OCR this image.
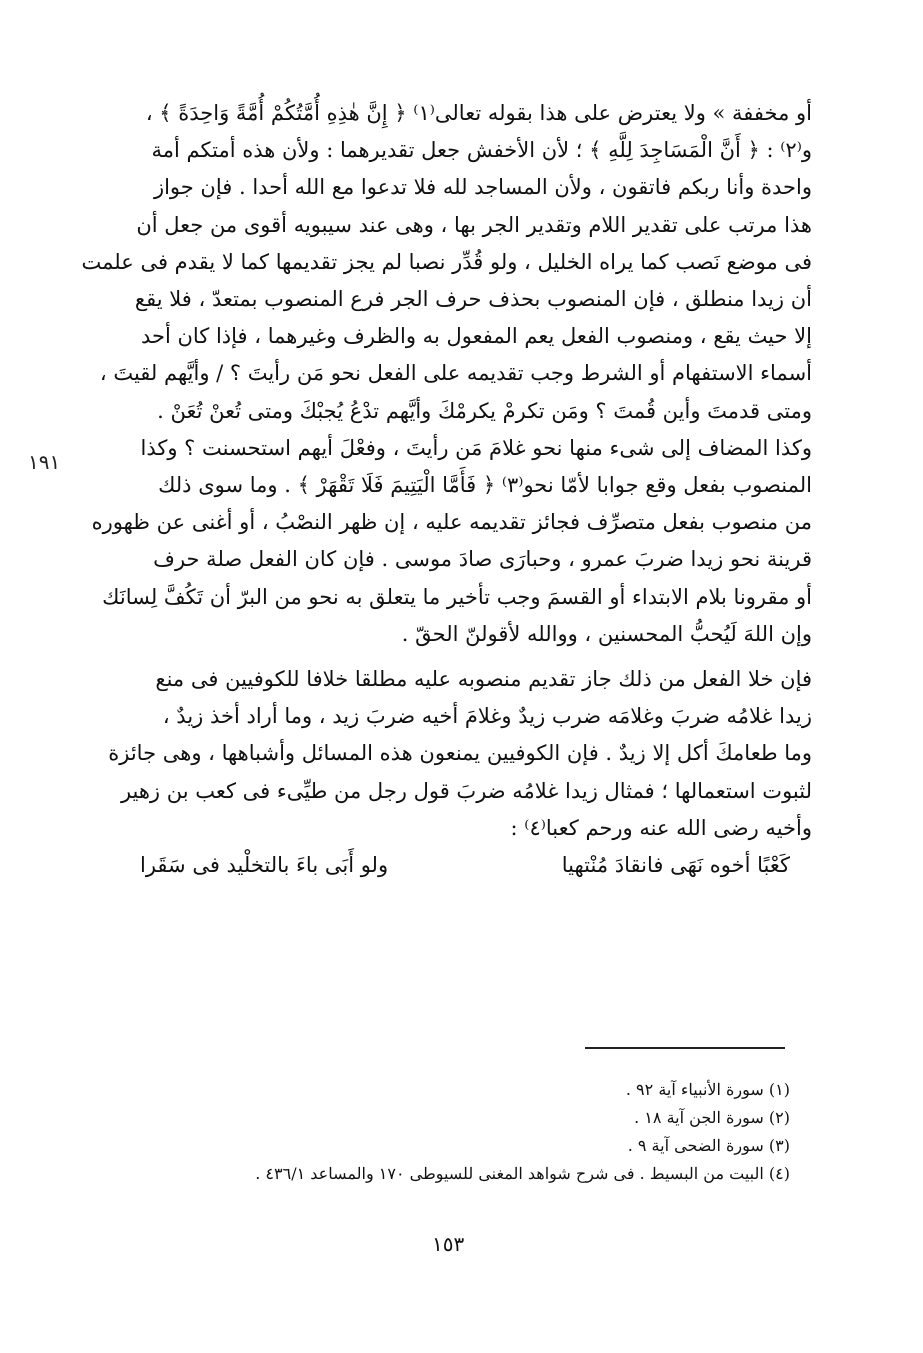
١٩١

أو مخففة » ولا يعترض على هذا بقوله تعالى⁽١⁾ ﴿ إِنَّ هٰذِهِ أُمَّتُكُمْ أُمَّةً وَاحِدَةً ﴾ ،
و⁽٢⁾ : ﴿ أَنَّ الْمَسَاجِدَ لِلَّهِ ﴾ ؛ لأن الأخفش جعل تقديرهما : ولأن هذه أمتكم أمة
واحدة وأنا ربكم فاتقون ، ولأن المساجد لله فلا تدعوا مع الله أحدا . فإن جواز
هذا مرتب على تقدير اللام وتقدير الجر بها ، وهى عند سيبويه أقوى من جعل أن
فى موضع نَصب كما يراه الخليل ، ولو قُدِّر نصبا لم يجز تقديمها كما لا يقدم فى علمت
أن زيدا منطلق ، فإن المنصوب بحذف حرف الجر فرع المنصوب بمتعدّ ، فلا يقع
إلا حيث يقع ، ومنصوب الفعل يعم المفعول به والظرف وغيرهما ، فإذا كان أحد
أسماء الاستفهام أو الشرط وجب تقديمه على الفعل نحو مَن رأيتَ ؟ / وأيَّهم لقيتَ ،
ومتى قدمتَ وأين قُمتَ ؟ ومَن تكرمْ يكرمْكَ وأيَّهم تدْعُ يُجبْكَ ومتى تُعنْ تُعَنْ .
وكذا المضاف إلى شىء منها نحو غلامَ مَن رأيتَ ، وفعْلَ أيهم استحسنت ؟ وكذا
المنصوب بفعل وقع جوابا لأمّا نحو⁽٣⁾ ﴿ فَأَمَّا الْيَتِيمَ فَلَا تَقْهَرْ ﴾ . وما سوى ذلك
من منصوب بفعل متصرِّف فجائز تقديمه عليه ، إن ظهر النصْبُ ، أو أغنى عن ظهوره
قرينة نحو زيدا ضربَ عمرو ، وحبارَى صادَ موسى . فإن كان الفعل صلة حرف
أو مقرونا بلام الابتداء أو القسمَ وجب تأخير ما يتعلق به نحو من البرّ أن تَكُفَّ لِسانَك
وإن اللهَ لَيُحبُّ المحسنين ، ووالله لأقولنّ الحقّ .

فإن خلا الفعل من ذلك جاز تقديم منصوبه عليه مطلقا خلافا للكوفيين فى منع
زيدا غلامُه ضربَ وغلامَه ضرب زيدٌ وغلامَ أخيه ضربَ زيد ، وما أراد أخذ زيدٌ ،
وما طعامكَ أكل إلا زيدٌ . فإن الكوفيين يمنعون هذه المسائل وأشباهها ، وهى جائزة
لثبوت استعمالها ؛ فمثال زيدا غلامُه ضربَ قول رجل من طيِّىء فى كعب بن زهير
وأخيه رضى الله عنه ورحم كعبا⁽٤⁾ :

كَعْبًا أخوه نَهَى فانقادَ مُنْتهيا
ولو أَبَى باءَ بالتخلْيد فى سَقَرا
(١) سورة الأنبياء آية ٩٢ .
(٢) سورة الجن آية ١٨ .
(٣) سورة الضحى آية ٩ .
(٤) البيت من البسيط . فى شرح شواهد المغنى للسيوطى ١٧٠ والمساعد ٤٣٦/١ .
١٥٣
